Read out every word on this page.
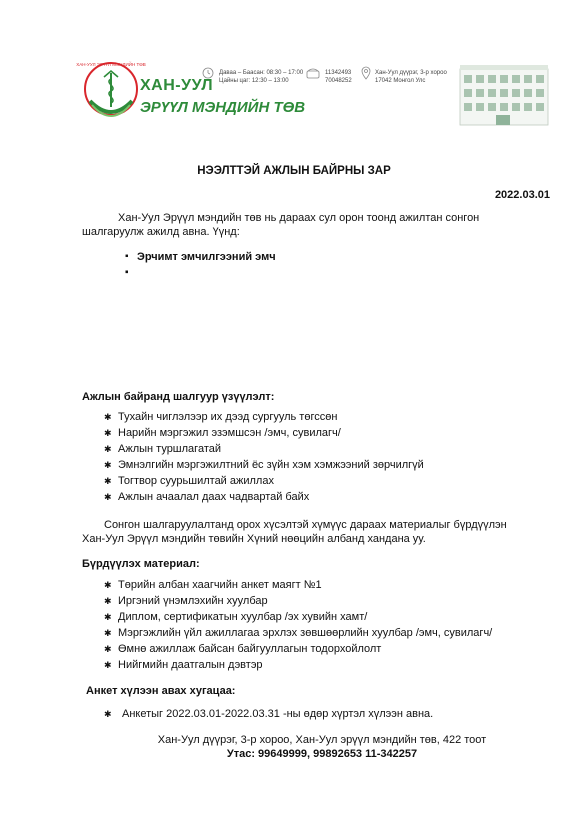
ХАН-УУЛ ЭРҮҮЛ МЭНДИЙН ТӨВ
ХАН-УУЛ
ЭРҮҮЛ МЭНДИЙН ТӨВ
Даваа – Баасан: 08:30 – 17:00
Цайны цаг: 12:30 – 13:00
11342493
70048252
Хан-Уул дүүрэг, 3-р хороо
17042 Монгол Улс
НЭЭЛТТЭЙ АЖЛЫН БАЙРНЫ ЗАР
2022.03.01
Хан-Уул Эрүүл мэндийн төв нь дараах сул орон тоонд ажилтан сонгон
шалгаруулж ажилд авна. Үүнд:
▪ Эрчимт эмчилгээний эмч
Ажлын байранд шалгуур үзүүлэлт:
✱ Тухайн чиглэлээр их дээд сургууль төгссөн
✱ Нарийн мэргэжил эзэмшсэн /эмч, сувилагч/
✱ Ажлын туршлагатай
✱ Эмнэлгийн мэргэжилтний ёс зүйн хэм хэмжээний зөрчилгүй
✱ Тогтвор суурьшилтай ажиллах
✱ Ажлын ачаалал даах чадвартай байх
Сонгон шалгаруулалтанд орох хүсэлтэй хүмүүс дараах материалыг бүрдүүлэн
Хан-Уул Эрүүл мэндийн төвийн Хүний нөөцийн албанд хандана уу.
Бүрдүүлэх материал:
✱ Төрийн албан хаагчийн анкет маягт №1
✱ Иргэний үнэмлэхийн хуулбар
✱ Диплом, сертификатын хуулбар /эх хувийн хамт/
✱ Мэргэжлийн үйл ажиллагаа эрхлэх зөвшөөрлийн хуулбар /эмч, сувилагч/
✱ Өмнө ажиллаж байсан байгууллагын тодорхойлолт
✱ Нийгмийн даатгалын дэвтэр
Анкет хүлээн авах хугацаа:
✱ Анкетыг 2022.03.01-2022.03.31 -ны өдөр хүртэл хүлээн авна.
Хан-Уул дүүрэг, 3-р хороо, Хан-Уул эрүүл мэндийн төв, 422 тоот
Утас: 99649999, 99892653 11-342257
